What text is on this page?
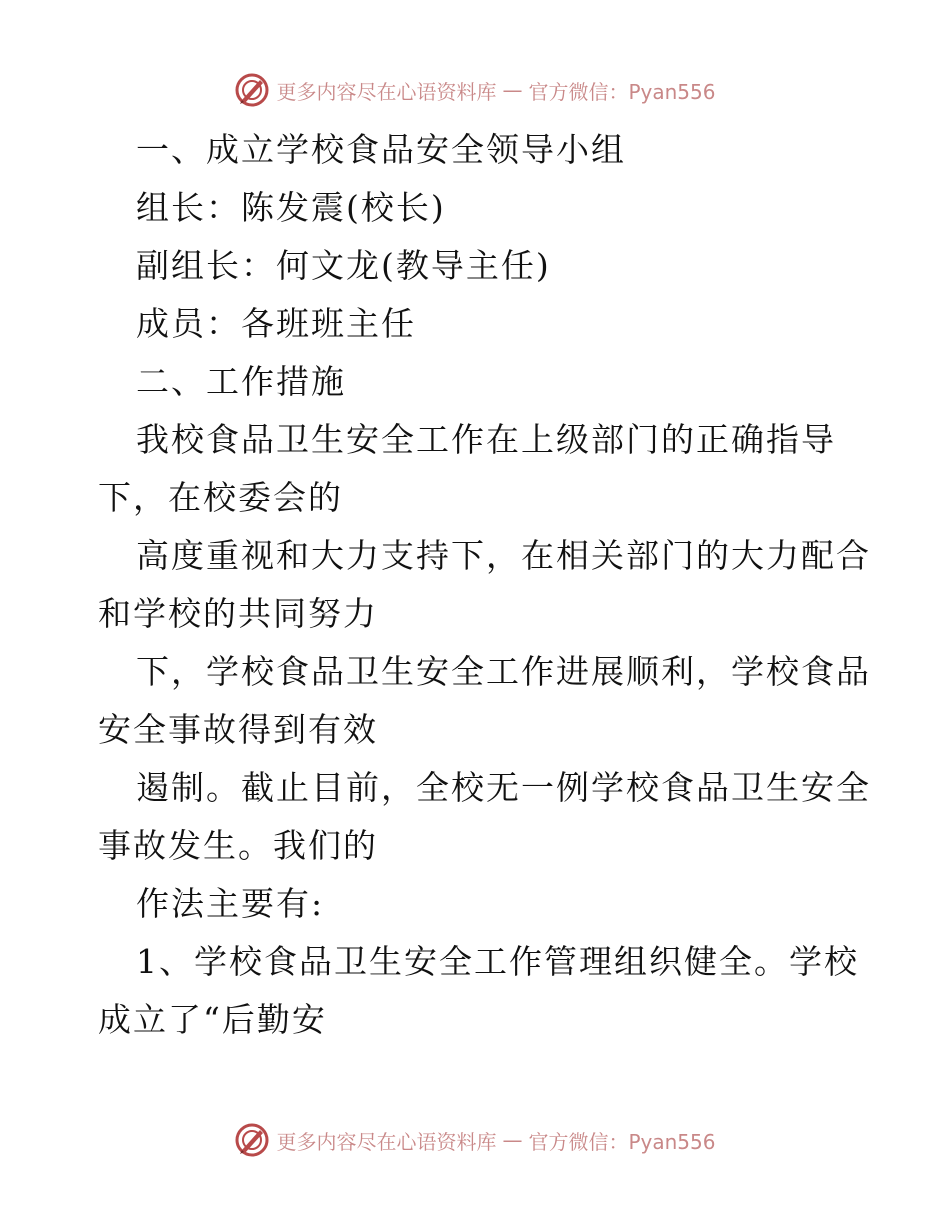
更多内容尽在心语资料库 — 官方微信：Pyan556
一、成立学校食品安全领导小组
组长：陈发震(校长)
副组长：何文龙(教导主任)
成员：各班班主任
二、工作措施
我校食品卫生安全工作在上级部门的正确指导
下，在校委会的
高度重视和大力支持下，在相关部门的大力配合
和学校的共同努力
下，学校食品卫生安全工作进展顺利，学校食品
安全事故得到有效
遏制。截止目前，全校无一例学校食品卫生安全
事故发生。我们的
作法主要有:
1、学校食品卫生安全工作管理组织健全。学校
成立了“后勤安
更多内容尽在心语资料库 — 官方微信：Pyan556
